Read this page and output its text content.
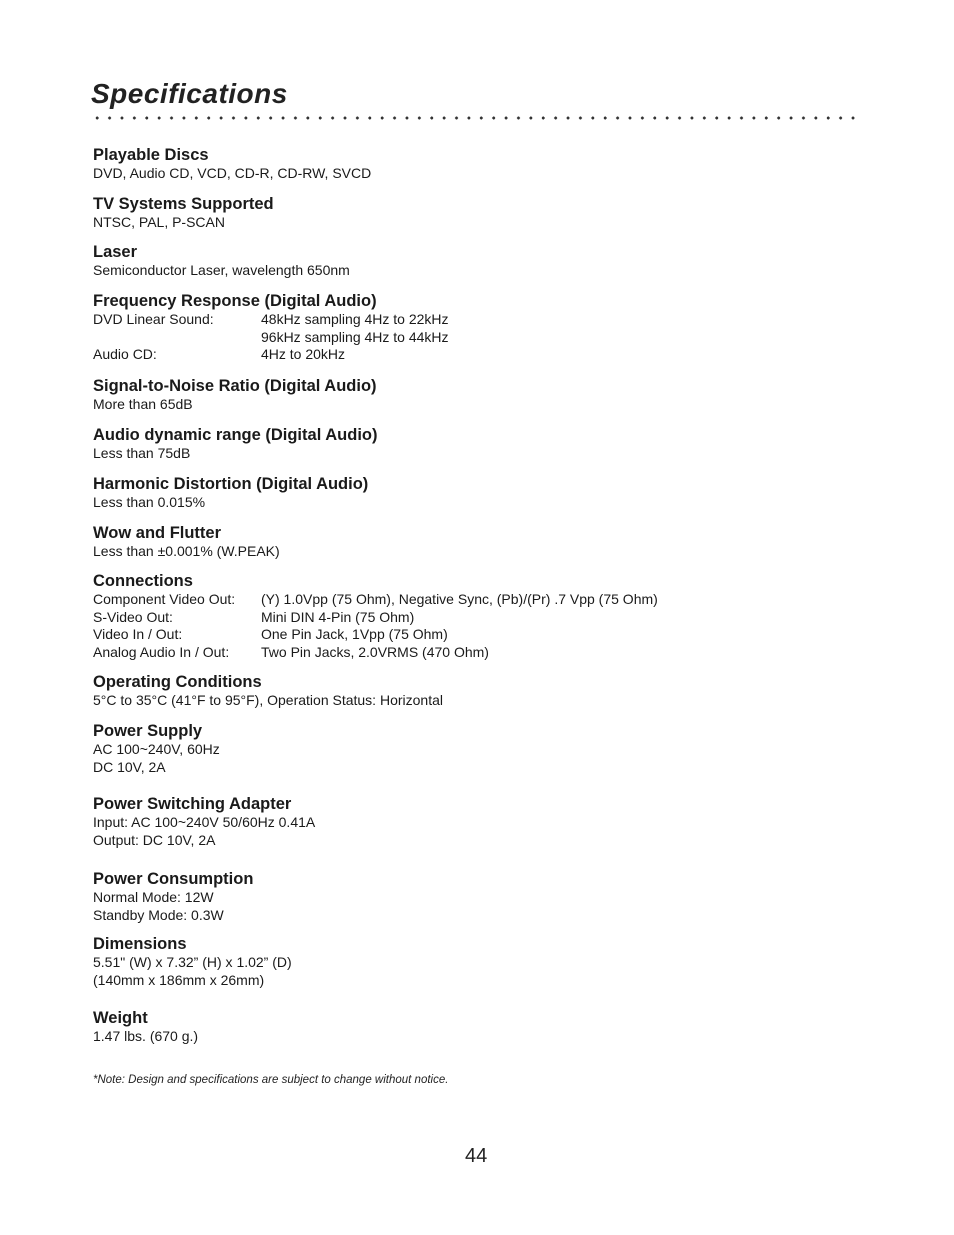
Specifications
Playable Discs
DVD, Audio CD, VCD, CD-R, CD-RW, SVCD
TV Systems Supported
NTSC, PAL, P-SCAN
Laser
Semiconductor Laser, wavelength 650nm
Frequency Response (Digital Audio)
DVD Linear Sound:	48kHz sampling 4Hz to 22kHz
96kHz sampling 4Hz to 44kHz
Audio CD:	4Hz to 20kHz
Signal-to-Noise Ratio (Digital Audio)
More than 65dB
Audio dynamic range (Digital Audio)
Less than 75dB
Harmonic Distortion (Digital Audio)
Less than 0.015%
Wow and Flutter
Less than ±0.001% (W.PEAK)
Connections
Component Video Out:	(Y) 1.0Vpp (75 Ohm), Negative Sync, (Pb)/(Pr) .7 Vpp (75 Ohm)
S-Video Out:	Mini DIN 4-Pin (75 Ohm)
Video In / Out:	One Pin Jack, 1Vpp (75 Ohm)
Analog Audio In / Out:	Two Pin Jacks, 2.0VRMS (470 Ohm)
Operating Conditions
5°C to 35°C (41°F to 95°F), Operation Status: Horizontal
Power Supply
AC 100~240V, 60Hz
DC 10V, 2A
Power Switching Adapter
Input: AC 100~240V 50/60Hz 0.41A
Output: DC 10V, 2A
Power Consumption
Normal Mode: 12W
Standby Mode: 0.3W
Dimensions
5.51" (W) x 7.32” (H) x 1.02” (D)
(140mm x 186mm x 26mm)
Weight
1.47 lbs. (670 g.)
*Note: Design and specifications are subject to change without notice.
44
